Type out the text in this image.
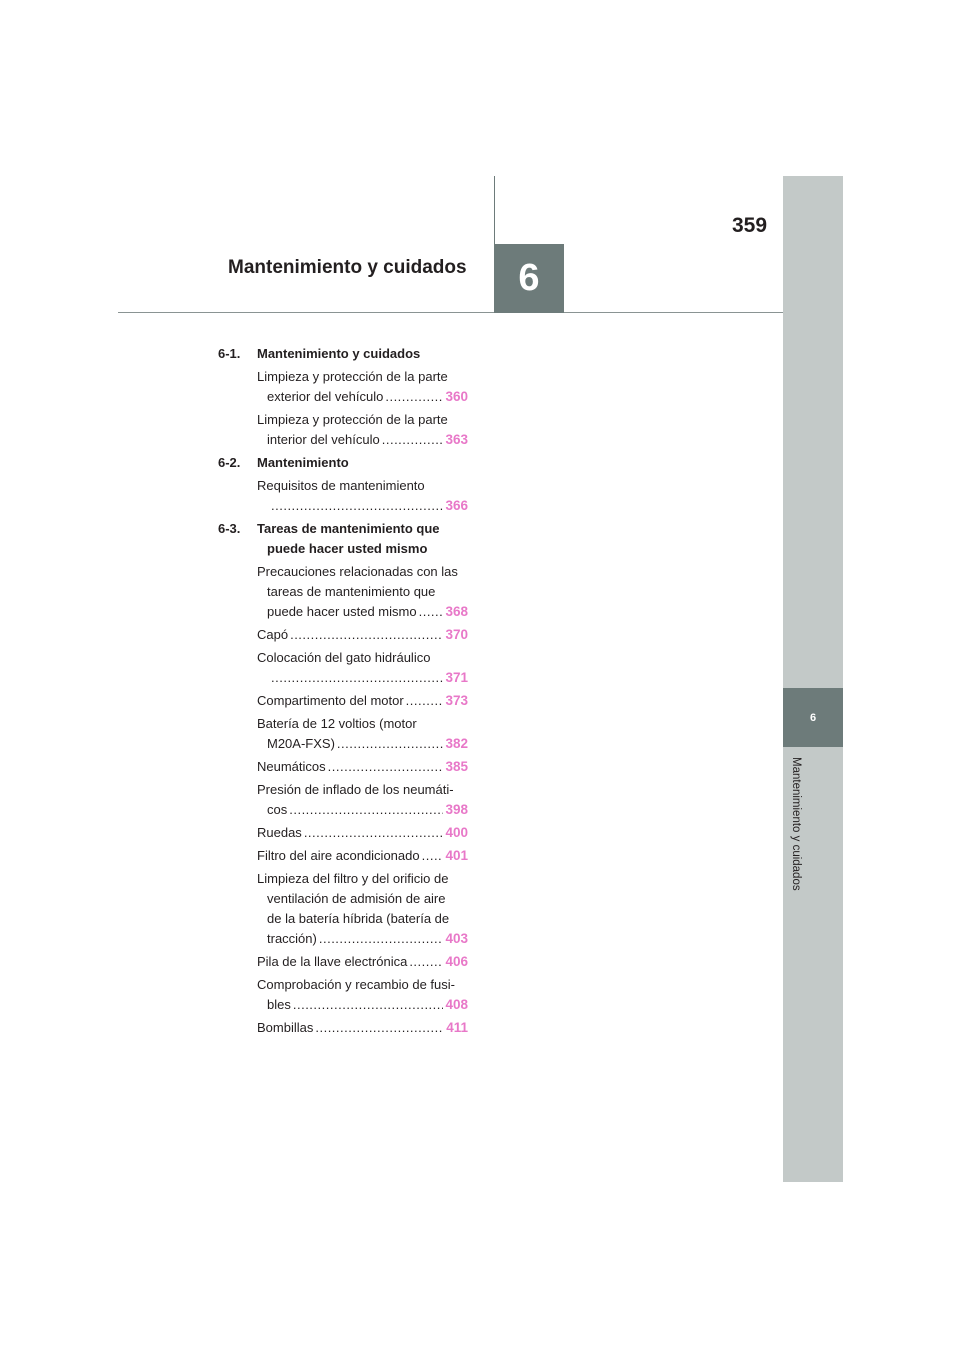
359
Mantenimiento y cuidados	6
6
Mantenimiento y cuidados
6-1.	Mantenimiento y cuidados
Limpieza y protección de la parte
exterior del vehículo .....	360
Limpieza y protección de la parte
interior del vehículo .....	363
6-2.	Mantenimiento
Requisitos de mantenimiento
.....
366
6-3.	Tareas de mantenimiento que
puede hacer usted mismo
Precauciones relacionadas con las
tareas de mantenimiento que
puede hacer usted mismo ..... 368
Capó .....	370
Colocación del gato hidráulico
.....
371
Compartimento del motor .....	373
Batería de 12 voltios (motor
M20A-FXS) .....	382
Neumáticos .....	385
Presión de inflado de los neumáti-
cos .....	398
Ruedas .....	400
Filtro del aire acondicionado ..... 401
Limpieza del filtro y del orificio de
ventilación de admisión de aire
de la batería híbrida (batería de
tracción) .....	403
Pila de la llave electrónica .....	406
Comprobación y recambio de fusi-
bles .....	408
Bombillas .....	411
